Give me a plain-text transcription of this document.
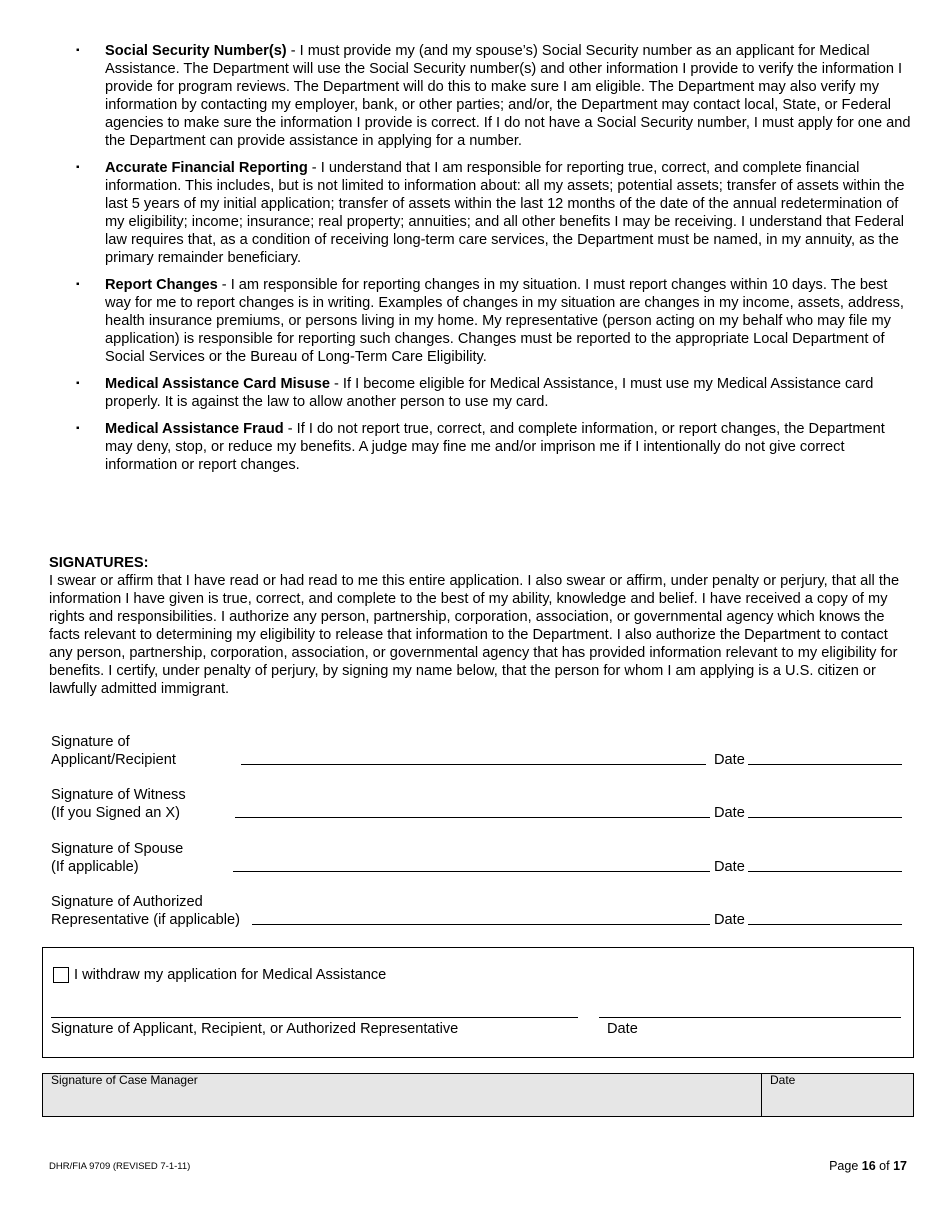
▪ Social Security Number(s) - I must provide my (and my spouse’s) Social Security number as an applicant for Medical Assistance. The Department will use the Social Security number(s) and other information I provide to verify the information I provide for program reviews. The Department will do this to make sure I am eligible. The Department may also verify my information by contacting my employer, bank, or other parties; and/or, the Department may contact local, State, or Federal agencies to make sure the information I provide is correct. If I do not have a Social Security number, I must apply for one and the Department can provide assistance in applying for a number.
▪ Accurate Financial Reporting - I understand that I am responsible for reporting true, correct, and complete financial information. This includes, but is not limited to information about: all my assets; potential assets; transfer of assets within the last 5 years of my initial application; transfer of assets within the last 12 months of the date of the annual redetermination of my eligibility; income; insurance; real property; annuities; and all other benefits I may be receiving. I understand that Federal law requires that, as a condition of receiving long-term care services, the Department must be named, in my annuity, as the primary remainder beneficiary.
▪ Report Changes - I am responsible for reporting changes in my situation. I must report changes within 10 days. The best way for me to report changes is in writing. Examples of changes in my situation are changes in my income, assets, address, health insurance premiums, or persons living in my home. My representative (person acting on my behalf who may file my application) is responsible for reporting such changes. Changes must be reported to the appropriate Local Department of Social Services or the Bureau of Long-Term Care Eligibility.
▪ Medical Assistance Card Misuse - If I become eligible for Medical Assistance, I must use my Medical Assistance card properly. It is against the law to allow another person to use my card.
▪ Medical Assistance Fraud - If I do not report true, correct, and complete information, or report changes, the Department may deny, stop, or reduce my benefits. A judge may fine me and/or imprison me if I intentionally do not give correct information or report changes.
SIGNATURES:
I swear or affirm that I have read or had read to me this entire application. I also swear or affirm, under penalty or perjury, that all the information I have given is true, correct, and complete to the best of my ability, knowledge and belief. I have received a copy of my rights and responsibilities. I authorize any person, partnership, corporation, association, or governmental agency which knows the facts relevant to determining my eligibility to release that information to the Department. I also authorize the Department to contact any person, partnership, corporation, association, or governmental agency that has provided information relevant to my eligibility for benefits. I certify, under penalty of perjury, by signing my name below, that the person for whom I am applying is a U.S. citizen or lawfully admitted immigrant.
Signature of
Applicant/Recipient	Date
Signature of Witness
(If you Signed an X)	Date
Signature of Spouse
(If applicable)	Date
Signature of Authorized
Representative (if applicable)	Date
I withdraw my application for Medical Assistance
Signature of Applicant, Recipient, or Authorized Representative	Date
Signature of Case Manager	Date
DHR/FIA 9709 (REVISED 7-1-11)	Page 16 of 17
